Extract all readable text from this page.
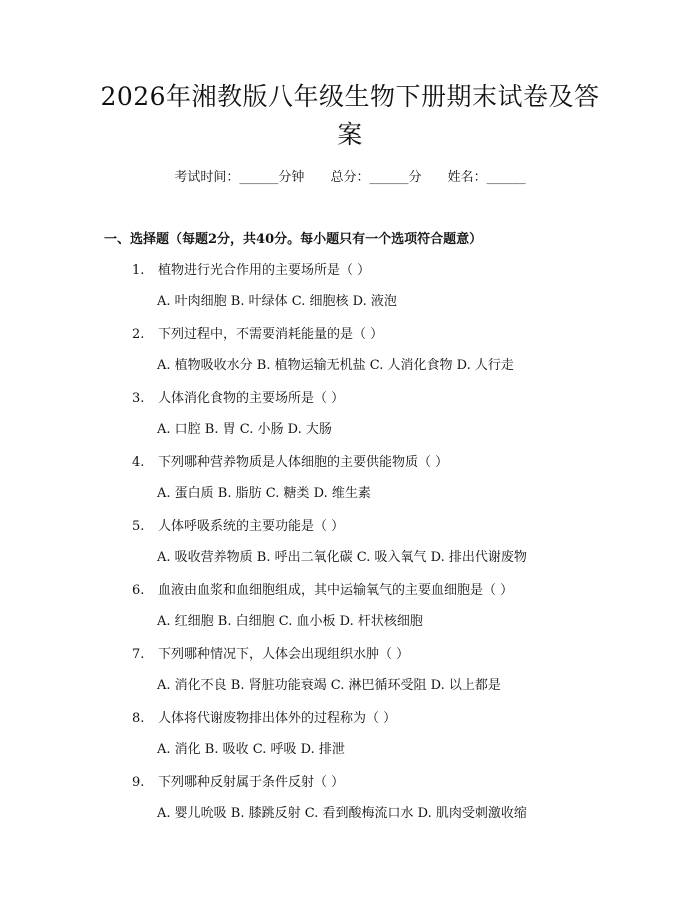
2026年湘教版八年级生物下册期末试卷及答
案
考试时间：______分钟 总分：______分 姓名：______
一、选择题（每题2分，共40分。每小题只有一个选项符合题意）
1. 植物进行光合作用的主要场所是（ ）
A. 叶肉细胞 B. 叶绿体 C. 细胞核 D. 液泡
2. 下列过程中，不需要消耗能量的是（ ）
A. 植物吸收水分 B. 植物运输无机盐 C. 人消化食物 D. 人行走
3. 人体消化食物的主要场所是（ ）
A. 口腔 B. 胃 C. 小肠 D. 大肠
4. 下列哪种营养物质是人体细胞的主要供能物质（ ）
A. 蛋白质 B. 脂肪 C. 糖类 D. 维生素
5. 人体呼吸系统的主要功能是（ ）
A. 吸收营养物质 B. 呼出二氧化碳 C. 吸入氧气 D. 排出代谢废物
6. 血液由血浆和血细胞组成，其中运输氧气的主要血细胞是（ ）
A. 红细胞 B. 白细胞 C. 血小板 D. 杆状核细胞
7. 下列哪种情况下，人体会出现组织水肿（ ）
A. 消化不良 B. 肾脏功能衰竭 C. 淋巴循环受阻 D. 以上都是
8. 人体将代谢废物排出体外的过程称为（ ）
A. 消化 B. 吸收 C. 呼吸 D. 排泄
9. 下列哪种反射属于条件反射（ ）
A. 婴儿吮吸 B. 膝跳反射 C. 看到酸梅流口水 D. 肌肉受刺激收缩
